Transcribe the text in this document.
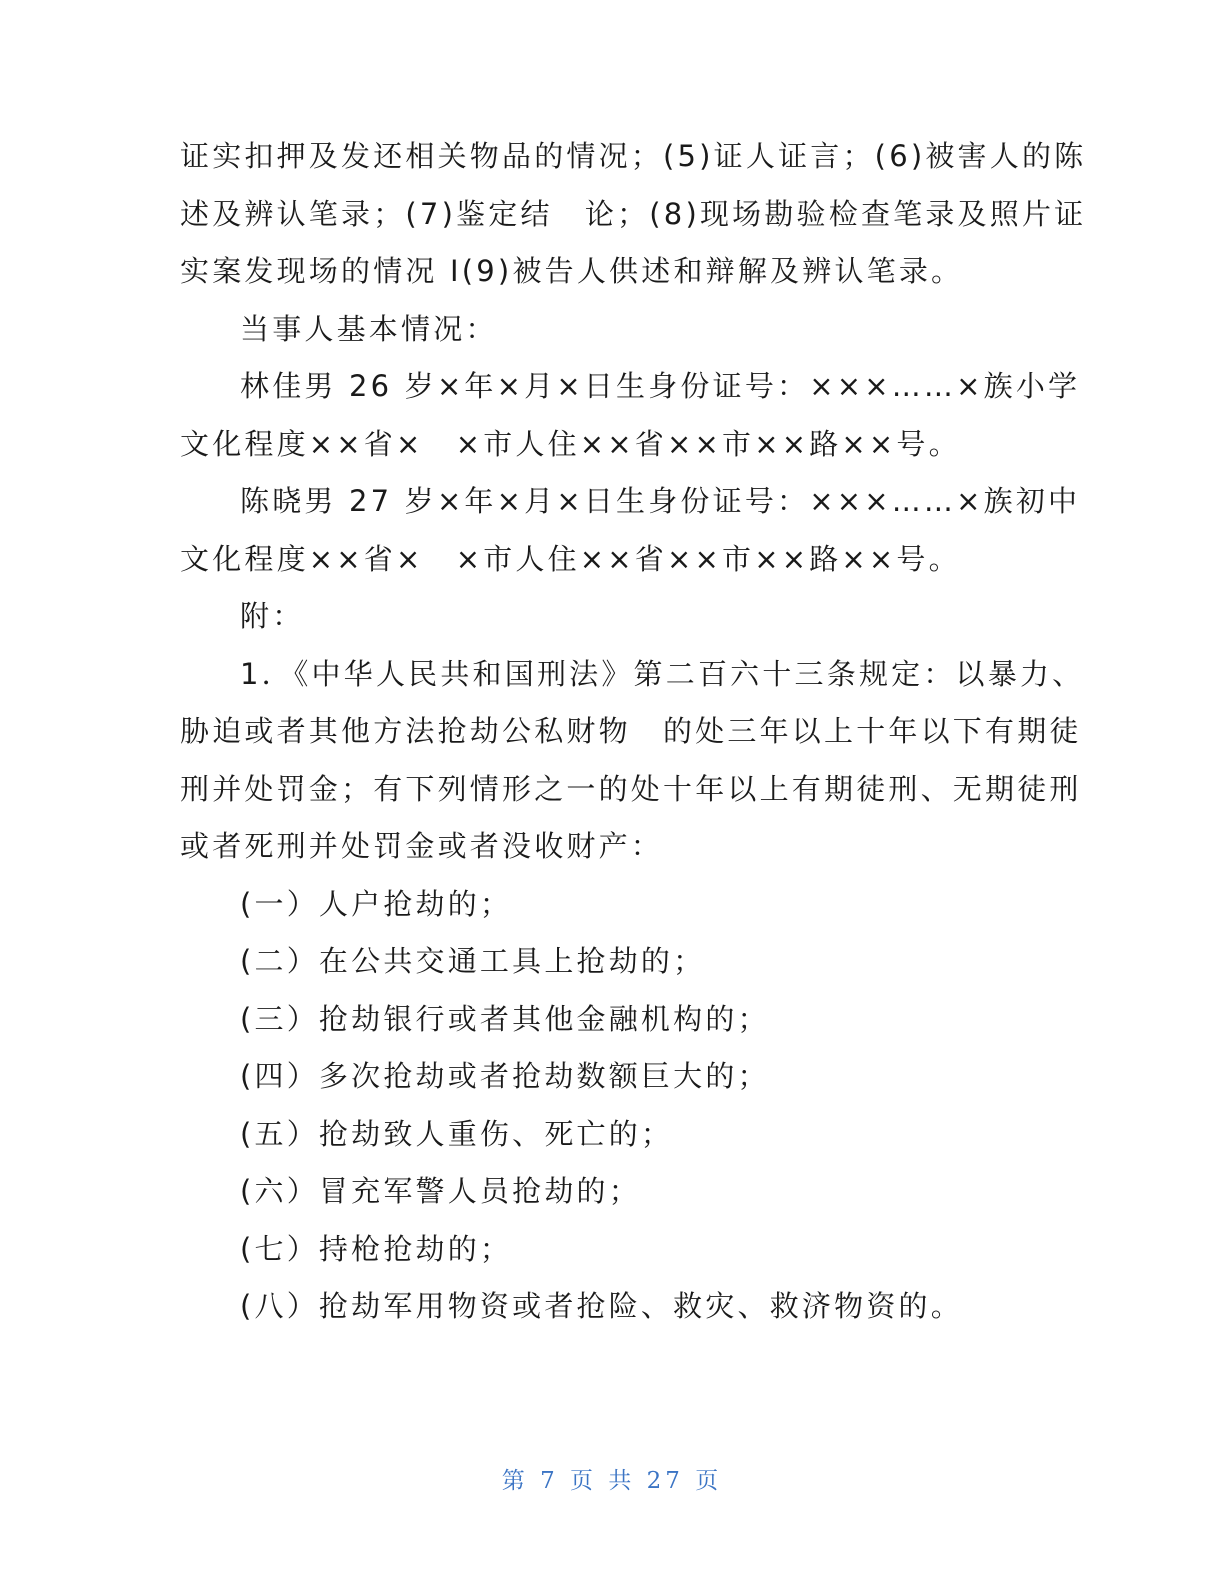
证实扣押及发还相关物品的情况；(5)证人证言；(6)被害人的陈
述及辨认笔录；(7)鉴定结　论；(8)现场勘验检查笔录及照片证
实案发现场的情况 I(9)被告人供述和辩解及辨认笔录。
当事人基本情况：
林佳男 26 岁×年×月×日生身份证号：×××……×族小学
文化程度××省×　×市人住××省××市××路××号。
陈晓男 27 岁×年×月×日生身份证号：×××……×族初中
文化程度××省×　×市人住××省××市××路××号。
附：
1．《中华人民共和国刑法》第二百六十三条规定：以暴力、
胁迫或者其他方法抢劫公私财物　的处三年以上十年以下有期徒
刑并处罚金；有下列情形之一的处十年以上有期徒刑、无期徒刑
或者死刑并处罚金或者没收财产：
(一）人户抢劫的；
(二）在公共交通工具上抢劫的；
(三）抢劫银行或者其他金融机构的；
(四）多次抢劫或者抢劫数额巨大的；
(五）抢劫致人重伤、死亡的；
(六）冒充军警人员抢劫的；
(七）持枪抢劫的；
(八）抢劫军用物资或者抢险、救灾、救济物资的。
第 7 页 共 27 页
